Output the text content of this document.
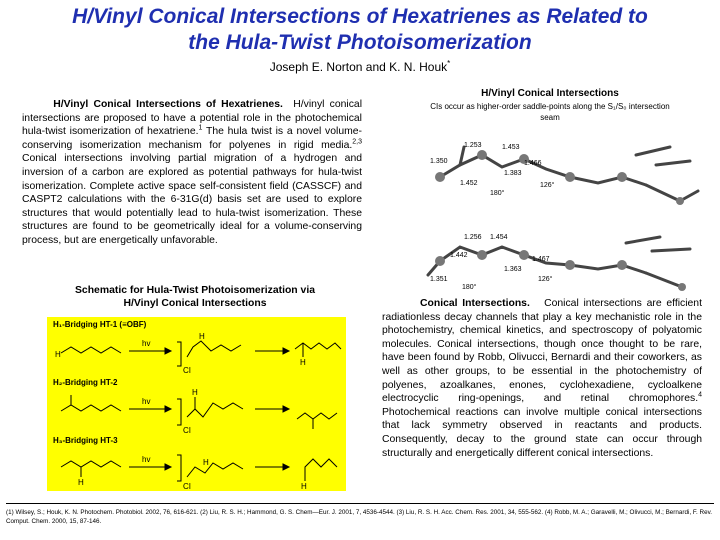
H/Vinyl Conical Intersections of Hexatrienes as Related to
the Hula-Twist Photoisomerization
Joseph E. Norton and K. N. Houk*
H/Vinyl Conical Intersections of Hexatrienes. H/vinyl conical intersections are proposed to have a potential role in the photochemical hula-twist isomerization of hexatriene.$^1$ The hula twist is a novel volume-conserving isomerization mechanism for polyenes in rigid media.$^{2,3}$ Conical intersections involving partial migration of a hydrogen and inversion of a carbon are explored as potential pathways for hula-twist isomerization. Complete active space self-consistent field (CASSCF) and CASPT2 calculations with the 6-31G(d) basis set are used to explore structures that would potentially lead to hula-twist isomerization. These structures are found to be geometrically ideal for a volume-conserving process, but are energetically unfavorable.
Schematic for Hula-Twist Photoisomerization via
H/Vinyl Conical Intersections
H₁-Bridging HT-1 (≡OBF)
H₂-Bridging HT-2
H₃-Bridging HT-3
hv
CI
hv
CI
hv
CI
H
H
H
H
H
H
H
H/Vinyl Conical Intersections
CIs occur as higher-order saddle-points along the S₁/S₀ intersection seam
1.350
1.253	1.453
1.466
1.383
1.452	126°
180°
1.256 1.454
1.442
1.467
1.351
1.363
126°
180°
Conical Intersections. Conical intersections are efficient radiationless decay channels that play a key mechanistic role in the photochemistry, chemical kinetics, and spectroscopy of polyatomic molecules. Conical intersections, though once thought to be rare, have been found by Robb, Olivucci, Bernardi and their coworkers, as well as other groups, to be essential in the photochemistry of polyenes, azoalkanes, enones, cyclohexadiene, cycloalkene electrocyclic ring-openings, and retinal chromophores.$^4$ Photochemical reactions can involve multiple conical intersections that lack symmetry observed in reactants and products. Consequently, decay to the ground state can occur through structurally and energetically different conical intersections.
(1) Wilsey, S.; Houk, K. N. Photochem. Photobiol. 2002, 76, 616-621. (2) Liu, R. S. H.; Hammond, G. S. Chem—Eur. J. 2001, 7, 4536-4544. (3) Liu, R. S. H. Acc. Chem. Res. 2001, 34, 555-562. (4) Robb, M. A.; Garavelli, M.; Olivucci, M.; Bernardi, F. Rev. Comput. Chem. 2000, 15, 87-146.
